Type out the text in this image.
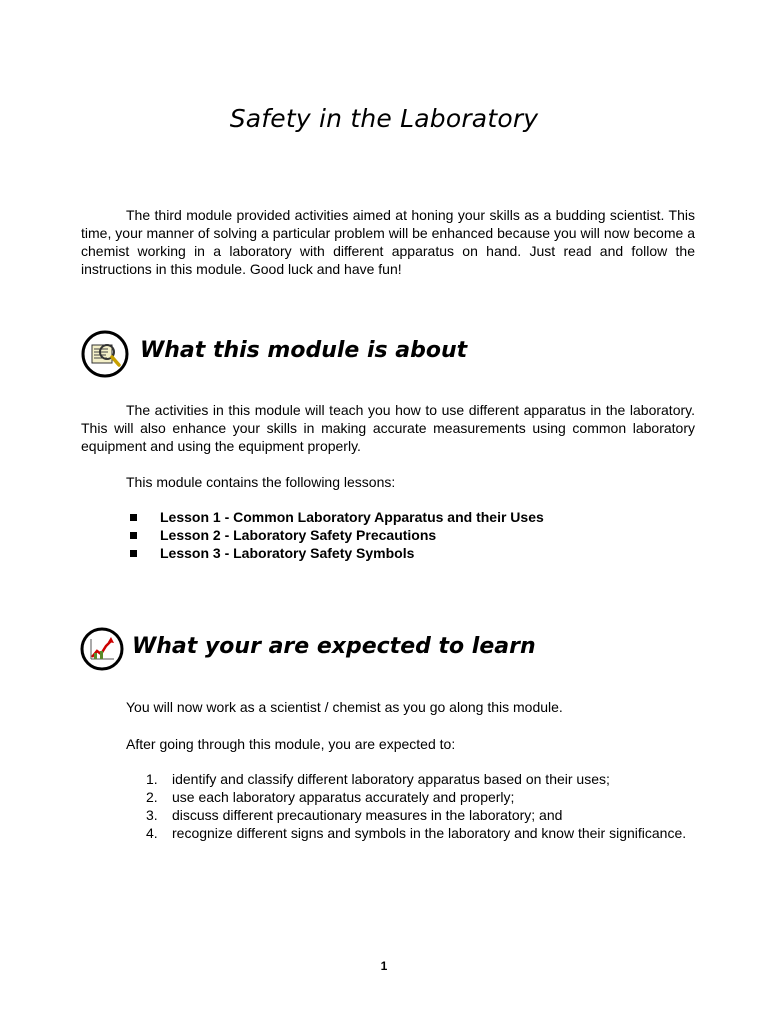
Safety in the Laboratory

The third module provided activities aimed at honing your skills as a budding scientist. This time, your manner of solving a particular problem will be enhanced because you will now become a chemist working in a laboratory with different apparatus on hand. Just read and follow the instructions in this module. Good luck and have fun!

What this module is about

The activities in this module will teach you how to use different apparatus in the laboratory. This will also enhance your skills in making accurate measurements using common laboratory equipment and using the equipment properly.

This module contains the following lessons:

Lesson 1 - Common Laboratory Apparatus and their Uses
Lesson 2 - Laboratory Safety Precautions
Lesson 3 - Laboratory Safety Symbols
What your are expected to learn

You will now work as a scientist / chemist as you go along this module.

After going through this module, you are expected to:

1. identify and classify different laboratory apparatus based on their uses;
2. use each laboratory apparatus accurately and properly;
3. discuss different precautionary measures in the laboratory; and
4. recognize different signs and symbols in the laboratory and know their significance.
1
